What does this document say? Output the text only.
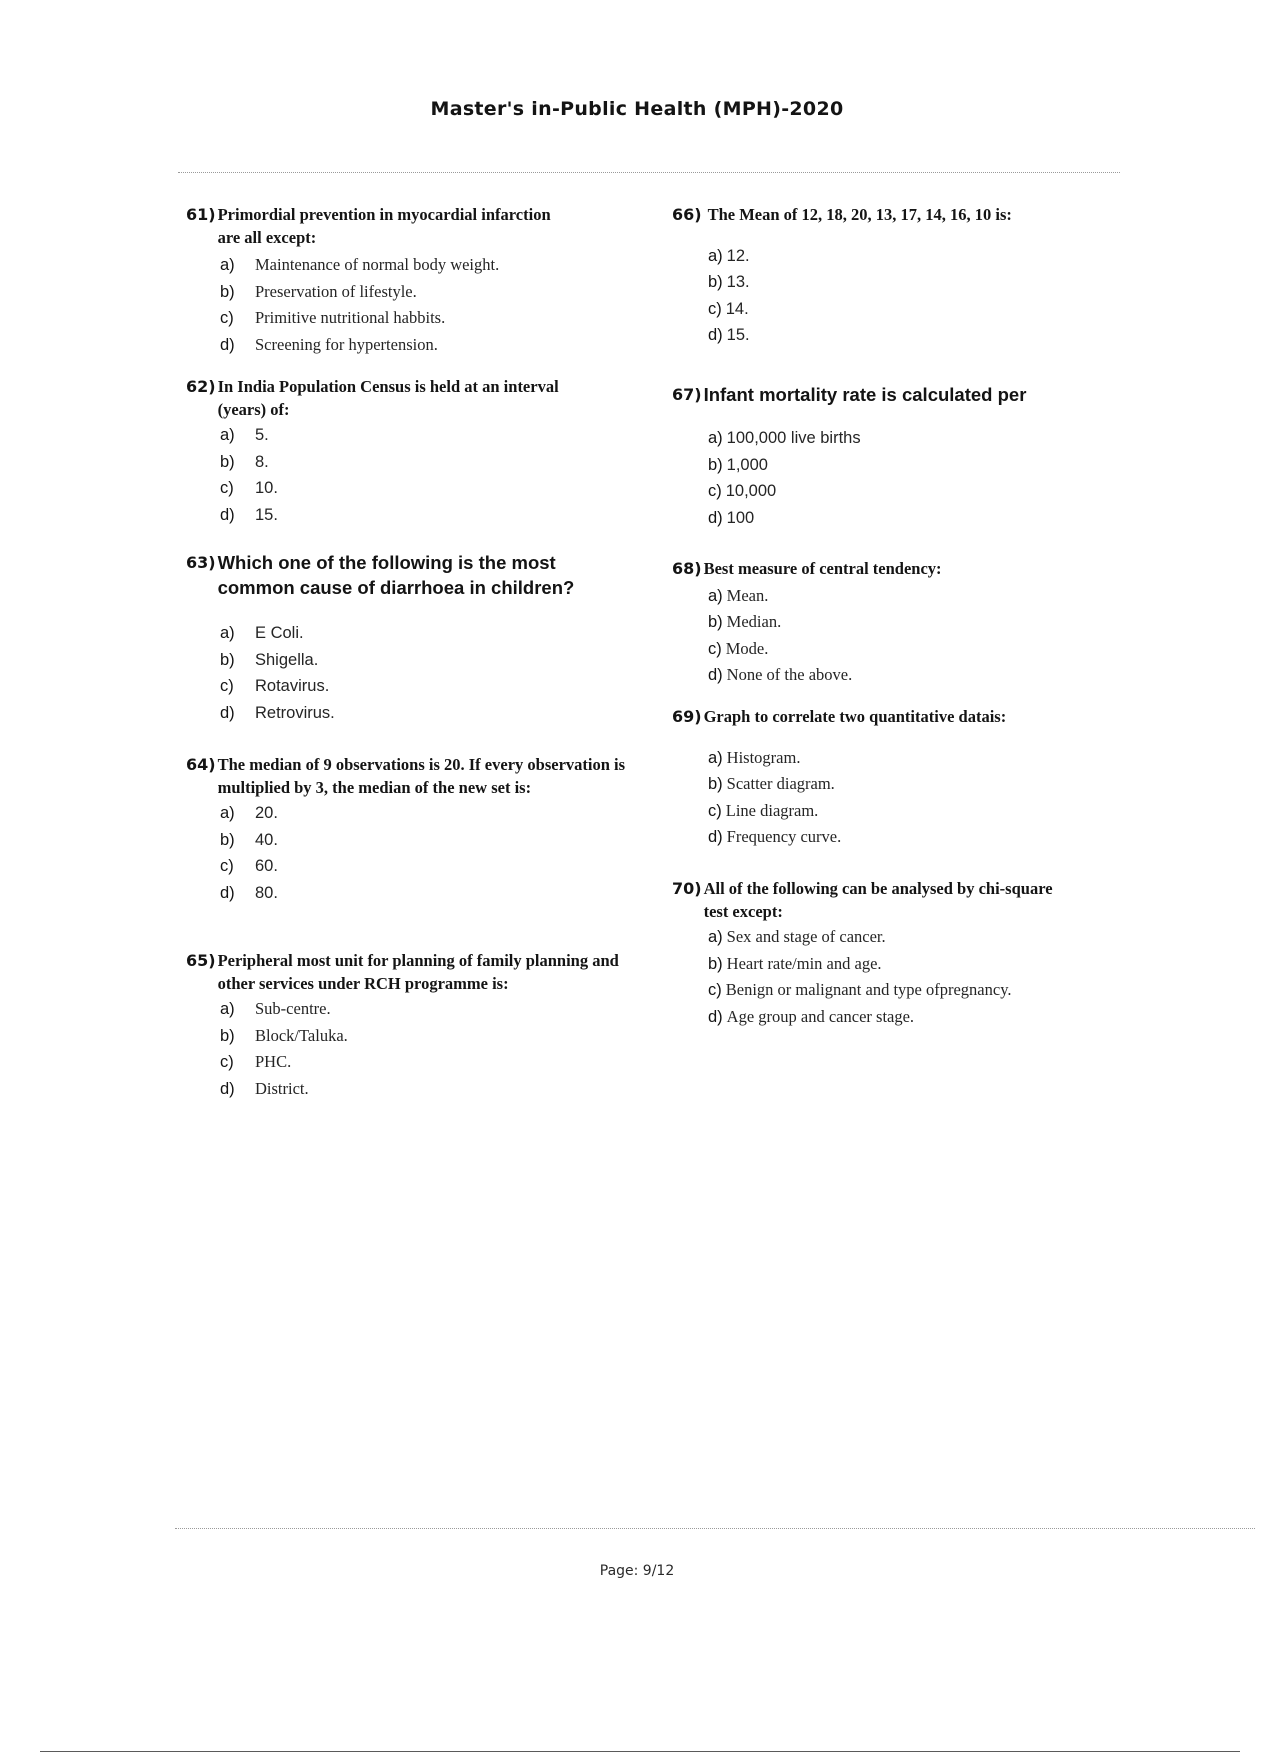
Master's in-Public Health (MPH)-2020
61) Primordial prevention in myocardial infarction are all except:
a)	Maintenance of normal body weight.
b)	Preservation of lifestyle.
c)	Primitive nutritional habbits.
d)	Screening for hypertension.
62) In India Population Census is held at an interval (years) of:
a)	5.
b)	8.
c)	10.
d)	15.
63) Which one of the following is the most common cause of diarrhoea in children?
a)	E Coli.
b)	Shigella.
c)	Rotavirus.
d)	Retrovirus.
64) The median of 9 observations is 20. If every observation is multiplied by 3, the median of the new set is:
a)	20.
b)	40.
c)	60.
d)	80.
65) Peripheral most unit for planning of family planning and other services under RCH programme is:
a)	Sub-centre.
b)	Block/Taluka.
c)	PHC.
d)	District.
66) The Mean of 12, 18, 20, 13, 17, 14, 16, 10 is:
a) 12.
b) 13.
c) 14.
d) 15.
67) Infant mortality rate is calculated per
a) 100,000 live births
b) 1,000
c) 10,000
d) 100
68) Best measure of central tendency:
a) Mean.
b) Median.
c) Mode.
d) None of the above.
69) Graph to correlate two quantitative datais:
a) Histogram.
b) Scatter diagram.
c) Line diagram.
d) Frequency curve.
70) All of the following can be analysed by chi-square test except:
a) Sex and stage of cancer.
b) Heart rate/min and age.
c) Benign or malignant and type ofpregnancy.
d) Age group and cancer stage.
Page: 9/12
